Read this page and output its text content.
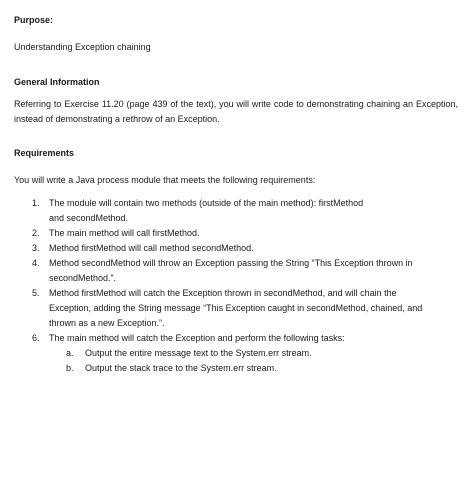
Purpose:
Understanding Exception chaining
General Information
Referring to Exercise 11.20 (page 439 of the text), you will write code to demonstrating chaining an Exception, instead of demonstrating a rethrow of an Exception.
Requirements
You will write a Java process module that meets the following requirements:
1. The module will contain two methods (outside of the main method): firstMethod
and secondMethod.
2. The main method will call firstMethod.
3. Method firstMethod will call method secondMethod.
4. Method secondMethod will throw an Exception passing the String “This Exception thrown in
secondMethod.”.
5. Method firstMethod will catch the Exception thrown in secondMethod, and will chain the
Exception, adding the String message “This Exception caught in secondMethod, chained, and
thrown as a new Exception.”.
6. The main method will catch the Exception and perform the following tasks:
a. Output the entire message text to the System.err stream.
b. Output the stack trace to the System.err stream.
